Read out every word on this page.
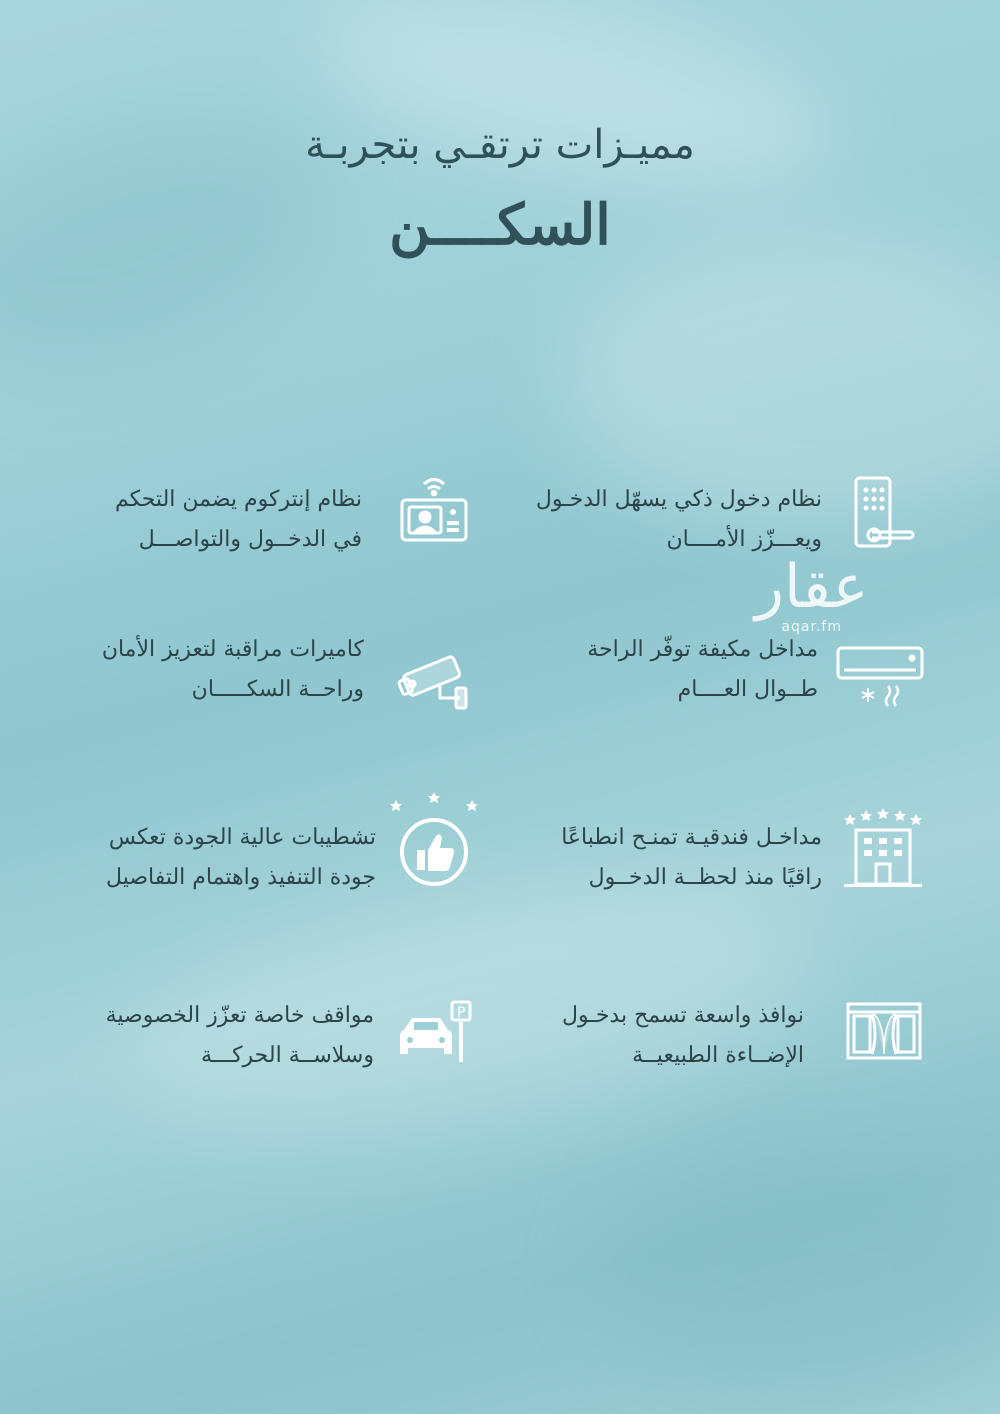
مميـزات ترتقـي بتجربـة
السكــــن
نظام دخول ذكي يسهّل الدخـول
ويعـــزّز الأمــــان
نظام إنتركوم يضمن التحكم
في الدخــول والتواصـــل
مداخل مكيفة توفّر الراحة
طــوال العــــام
كاميرات مراقبة لتعزيز الأمان
وراحــة السكـــــان
مداخـل فندقيـة تمنـح انطباعًا
راقيًا منذ لحظــة الدخــول
تشطيبات عالية الجودة تعكس
جودة التنفيذ واهتمام التفاصيل
نوافذ واسعة تسمح بدخـول
الإضــاءة الطبيعيــة
P
مواقف خاصة تعزّز الخصوصية
وسلاســة الحركـــة
عقار
aqar.fm
